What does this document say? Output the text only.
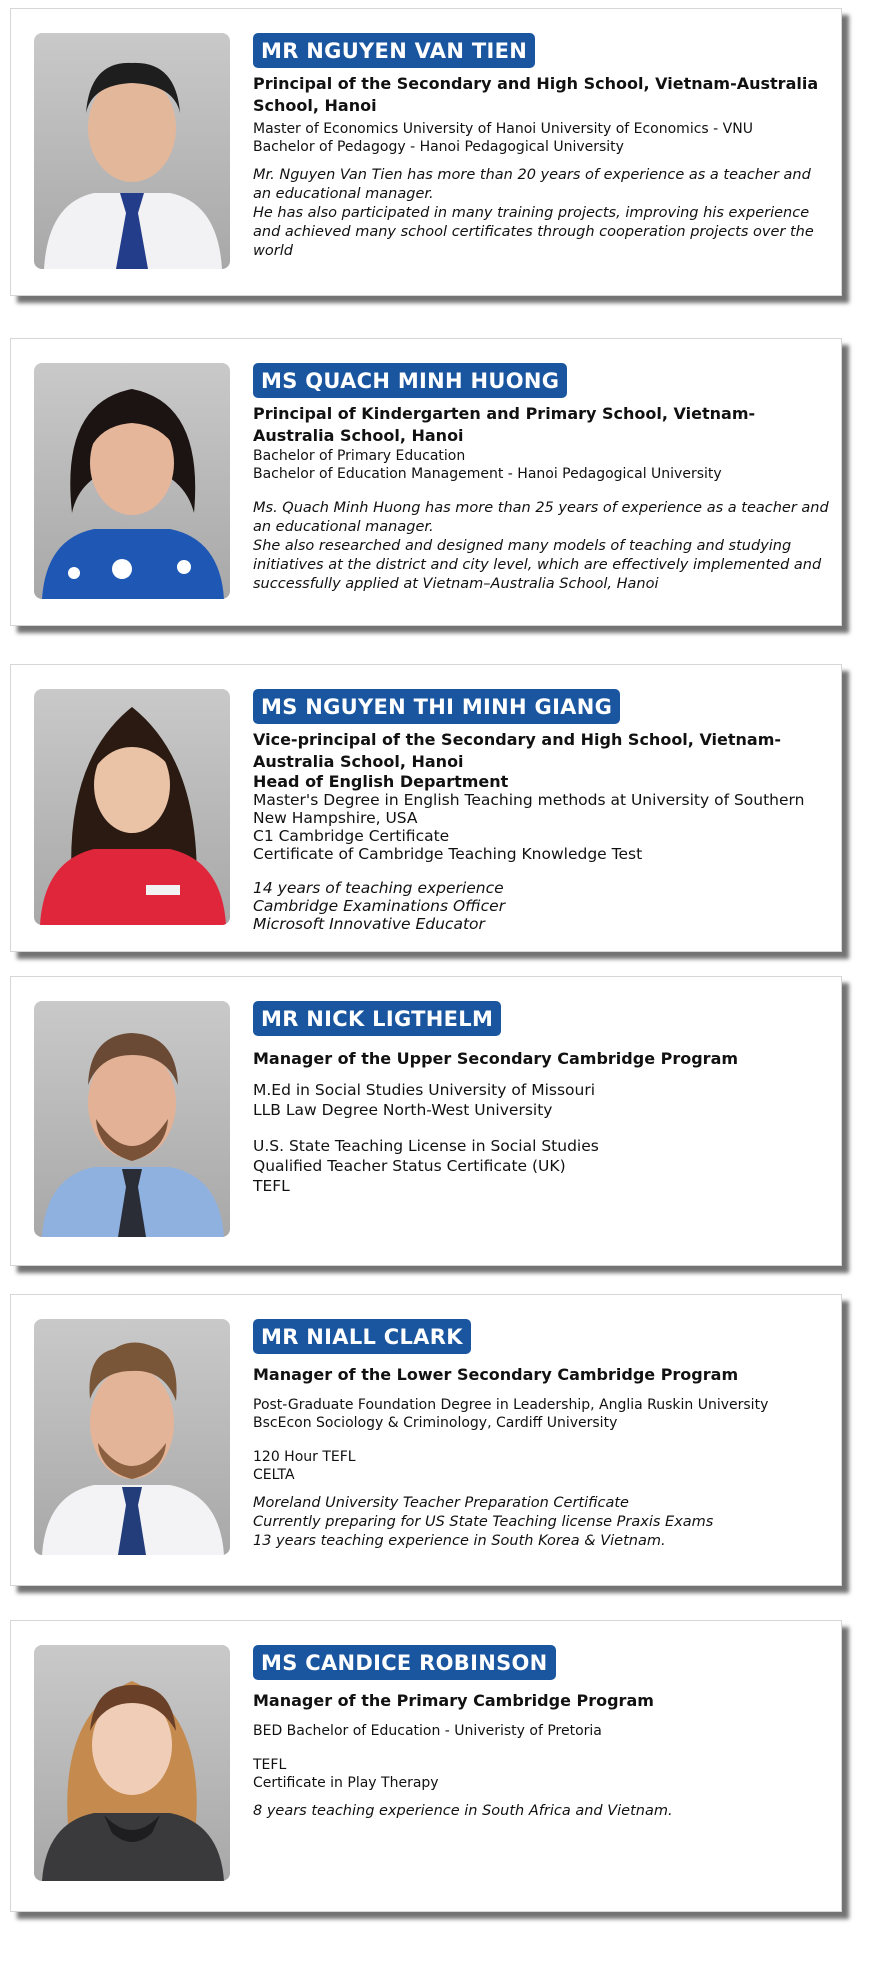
MR NGUYEN VAN TIEN
Principal of the Secondary and High School, Vietnam-Australia School, Hanoi
Master of Economics University of Hanoi University of Economics - VNU
Bachelor of Pedagogy - Hanoi Pedagogical University
Mr. Nguyen Van Tien has more than 20 years of experience as a teacher and an educational manager.
He has also participated in many training projects, improving his experience and achieved many school certificates through cooperation projects over the world
MS QUACH MINH HUONG
Principal of Kindergarten and Primary School, Vietnam-Australia School, Hanoi
Bachelor of Primary Education
Bachelor of Education Management - Hanoi Pedagogical University
Ms. Quach Minh Huong has more than 25 years of experience as a teacher and an educational manager.
She also researched and designed many models of teaching and studying initiatives at the district and city level, which are effectively implemented and successfully applied at Vietnam–Australia School, Hanoi
MS NGUYEN THI MINH GIANG
Vice-principal of the Secondary and High School, Vietnam-Australia School, Hanoi
Head of English Department
Master's Degree in English Teaching methods at University of Southern New Hampshire, USA
C1 Cambridge Certificate
Certificate of Cambridge Teaching Knowledge Test
14 years of teaching experience
Cambridge Examinations Officer
Microsoft Innovative Educator
MR NICK LIGTHELM
Manager of the Upper Secondary Cambridge Program
M.Ed in Social Studies University of Missouri
LLB Law Degree North-West University
U.S. State Teaching License in Social Studies
Qualified Teacher Status Certificate (UK)
TEFL
MR NIALL CLARK
Manager of the Lower Secondary Cambridge Program
Post-Graduate Foundation Degree in Leadership, Anglia Ruskin University
BscEcon Sociology & Criminology, Cardiff University
120 Hour TEFL
CELTA
Moreland University Teacher Preparation Certificate
Currently preparing for US State Teaching license Praxis Exams
13 years teaching experience in South Korea & Vietnam.
MS CANDICE ROBINSON
Manager of the Primary Cambridge Program
BED Bachelor of Education - Univeristy of Pretoria
TEFL
Certificate in Play Therapy
8 years teaching experience in South Africa and Vietnam.
